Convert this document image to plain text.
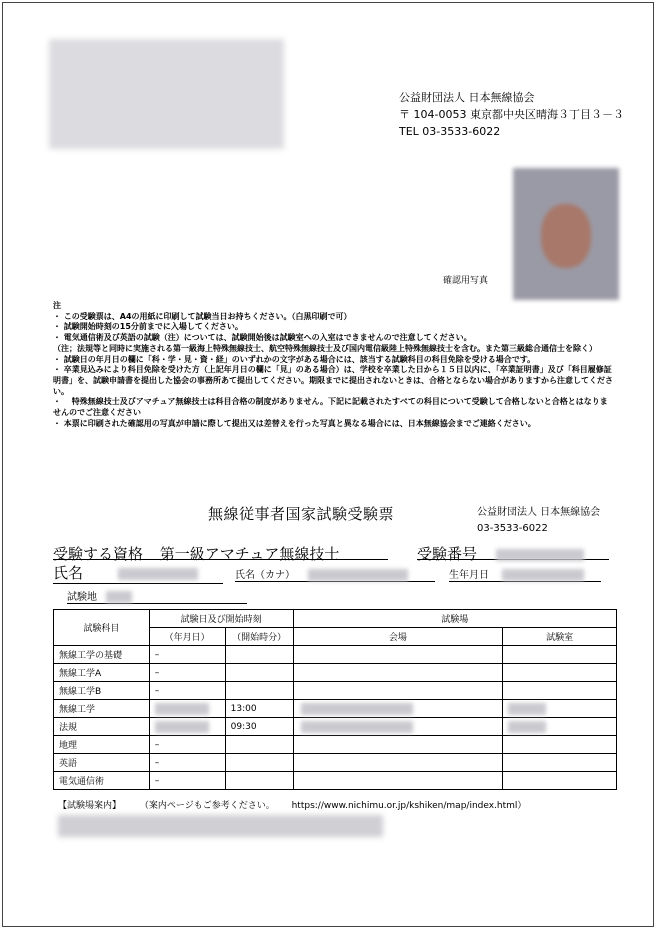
公益財団法人 日本無線協会
〒 104-0053 東京都中央区晴海３丁目３－３
TEL 03-3533-6022
確認用写真
注
・ この受験票は、A4の用紙に印刷して試験当日お持ちください。（白黒印刷で可）
・ 試験開始時刻の15分前までに入場してください。
・ 電気通信術及び英語の試験（注）については、試験開始後は試験室への入室はできませんので注意してください。
（注；法規等と同時に実施される第一級海上特殊無線技士、航空特殊無線技士及び国内電信級陸上特殊無線技士を含む。また第三級総合通信士を除く）
・ 試験日の年月日の欄に「科・学・見・資・経」のいずれかの文字がある場合には、該当する試験科目の科目免除を受ける場合です。
・ 卒業見込みにより科目免除を受けた方（上記年月日の欄に「見」のある場合）は、学校を卒業した日から１５日以内に、「卒業証明書」及び「科目履修証明書」を、試験申請書を提出した協会の事務所あて提出してください。期限までに提出されないときは、合格とならない場合がありますから注意してください。
・ 　特殊無線技士及びアマチュア無線技士は科目合格の制度がありません。下記に記載されたすべての科目について受験して合格しないと合格とはなりませんのでご注意ください
・ 本票に印刷された確認用の写真が申請に際して提出又は差替えを行った写真と異なる場合には、日本無線協会までご連絡ください。
無線従事者国家試験受験票	公益財団法人 日本無線協会
03-3533-6022
受験する資格 第一級アマチュア無線技士	受験番号
氏名	氏名（カナ）	生年月日
試験地
試験科目	試験日及び開始時刻		試験場	
	（年月日）	（開始時分）	会場	試験室
無線工学の基礎	–			
無線工学A	–			
無線工学B	–			
無線工学		13:00		
法規		09:30		
地理	–			
英語	–			
電気通信術	–			
【試験場案内】 （案内ページもご参考ください。 https://www.nichimu.or.jp/kshiken/map/index.html）
